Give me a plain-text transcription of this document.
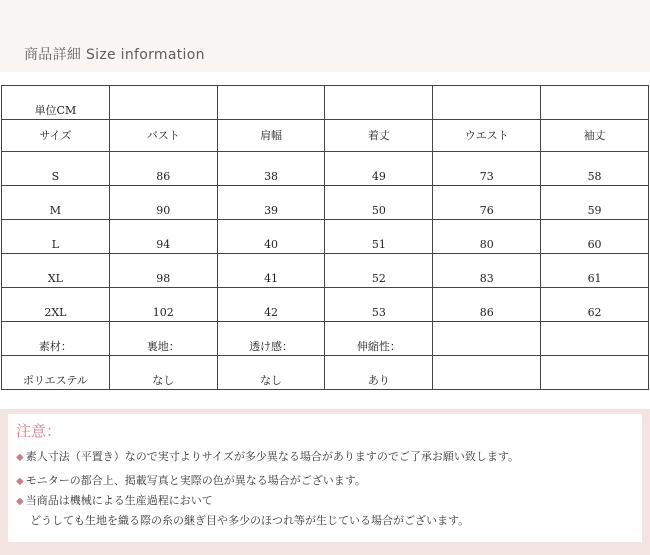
商品詳細 Size information
単位CM					
サイズ	バスト	肩幅	着丈	ウエスト	袖丈
S	86	38	49	73	58
M	90	39	50	76	59
L	94	40	51	80	60
XL	98	41	52	83	61
2XL	102	42	53	86	62
素材：	裏地：	透け感：	伸縮性：		
ポリエステル	なし	なし	あり		
注意：
◆ 素人寸法（平置き）なので実寸よりサイズが多少異なる場合がありますのでご了承お願い致します。
◆ モニターの都合上、掲載写真と実際の色が異なる場合がございます。
◆ 当商品は機械による生産過程において
どうしても生地を織る際の糸の継ぎ目や多少のほつれ等が生じている場合がございます。
